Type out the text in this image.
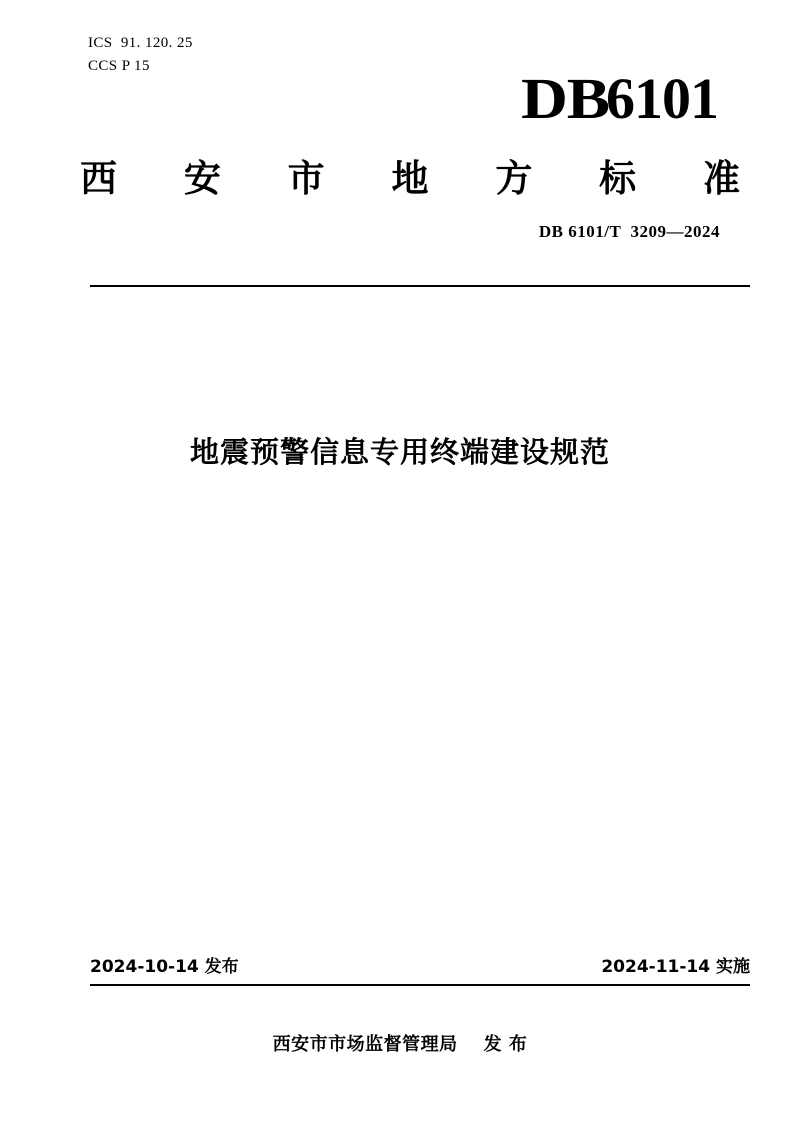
ICS  91. 120. 25
CCS P 15	DB6101
西 安 市 地 方 标 准
DB 6101/T  3209—2024
地震预警信息专用终端建设规范
2024-10-14 发布	2024-11-14 实施
西安市市场监督管理局 发 布
